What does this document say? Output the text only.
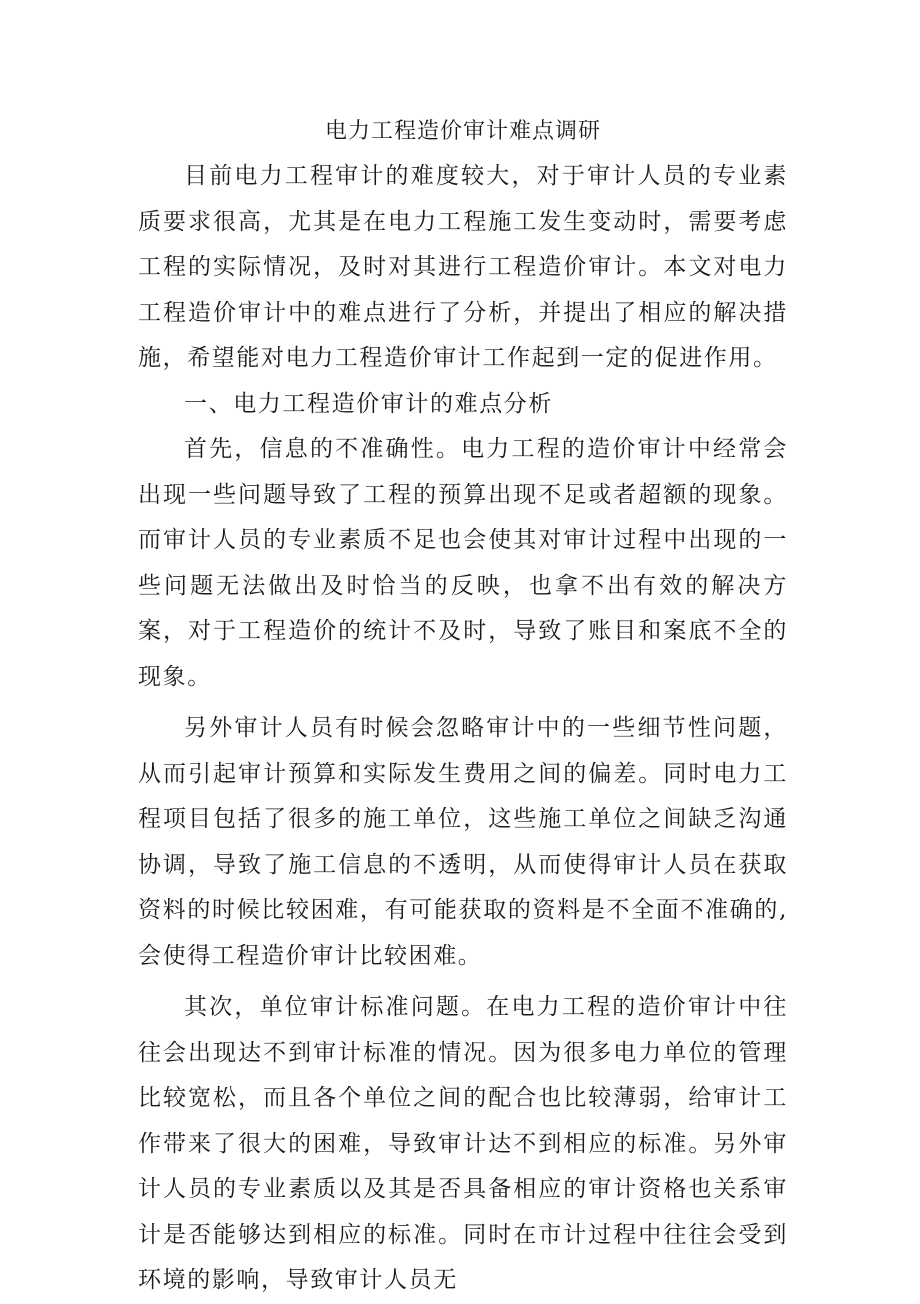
电力工程造价审计难点调研

目前电力工程审计的难度较大，对于审计人员的专业素质要求很高，尤其是在电力工程施工发生变动时，需要考虑工程的实际情况，及时对其进行工程造价审计。本文对电力工程造价审计中的难点进行了分析，并提出了相应的解决措施，希望能对电力工程造价审计工作起到一定的促进作用。

一、电力工程造价审计的难点分析

首先，信息的不准确性。电力工程的造价审计中经常会出现一些问题导致了工程的预算出现不足或者超额的现象。而审计人员的专业素质不足也会使其对审计过程中出现的一些问题无法做出及时恰当的反映，也拿不出有效的解决方案，对于工程造价的统计不及时，导致了账目和案底不全的现象。

另外审计人员有时候会忽略审计中的一些细节性问题，从而引起审计预算和实际发生费用之间的偏差。同时电力工程项目包括了很多的施工单位，这些施工单位之间缺乏沟通协调，导致了施工信息的不透明，从而使得审计人员在获取资料的时候比较困难，有可能获取的资料是不全面不准确的,会使得工程造价审计比较困难。

其次，单位审计标准问题。在电力工程的造价审计中往往会出现达不到审计标准的情况。因为很多电力单位的管理比较宽松，而且各个单位之间的配合也比较薄弱，给审计工作带来了很大的困难，导致审计达不到相应的标准。另外审计人员的专业素质以及其是否具备相应的审计资格也关系审计是否能够达到相应的标准。同时在市计过程中往往会受到环境的影响，导致审计人员无
